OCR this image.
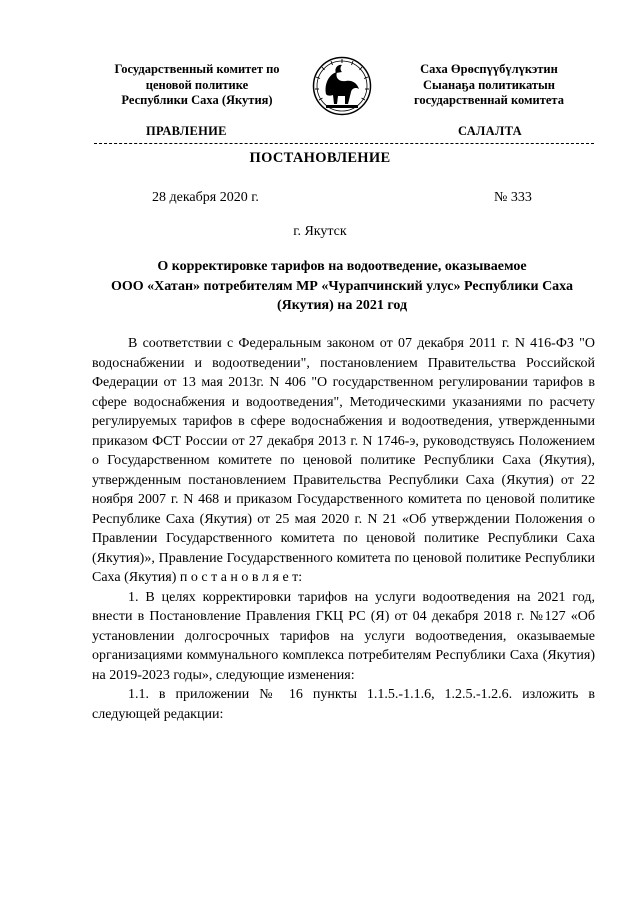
Государственный комитет по
ценовой политике
Республики Саха (Якутия)
Саха Өрөспүүбүлүкэтин
Сыанаҕа политикатын
государственнай комитета
ПРАВЛЕНИЕ	САЛАЛТА
ПОСТАНОВЛЕНИЕ
28 декабря 2020 г.	№ 333
г. Якутск
О корректировке тарифов на водоотведение, оказываемое
ООО «Хатан» потребителям МР «Чурапчинский улус» Республики Саха
(Якутия) на 2021 год

В соответствии с Федеральным законом от 07 декабря 2011 г. N 416-ФЗ "О водоснабжении и водоотведении", постановлением Правительства Российской Федерации от 13 мая 2013г. N 406 "О государственном регулировании тарифов в сфере водоснабжения и водоотведения", Методическими указаниями по расчету регулируемых тарифов в сфере водоснабжения и водоотведения, утвержденными приказом ФСТ России от 27 декабря 2013 г. N 1746-э, руководствуясь Положением о Государственном комитете по ценовой политике Республики Саха (Якутия), утвержденным постановлением Правительства Республики Саха (Якутия) от 22 ноября 2007 г. N 468 и приказом Государственного комитета по ценовой политике Республике Саха (Якутия) от 25 мая 2020 г. N 21 «Об утверждении Положения о Правлении Государственного комитета по ценовой политике Республики Саха (Якутия)», Правление Государственного комитета по ценовой политике Республики Саха (Якутия) п о с т а н о в л я е т:

1. В целях корректировки тарифов на услуги водоотведения на 2021 год, внести в Постановление Правления ГКЦ РС (Я) от 04 декабря 2018 г. №127 «Об установлении долгосрочных тарифов на услуги водоотведения, оказываемые организациями коммунального комплекса потребителям Республики Саха (Якутия) на 2019-2023 годы», следующие изменения:

1.1. в приложении № 16 пункты 1.1.5.-1.1.6, 1.2.5.-1.2.6. изложить в следующей редакции:
